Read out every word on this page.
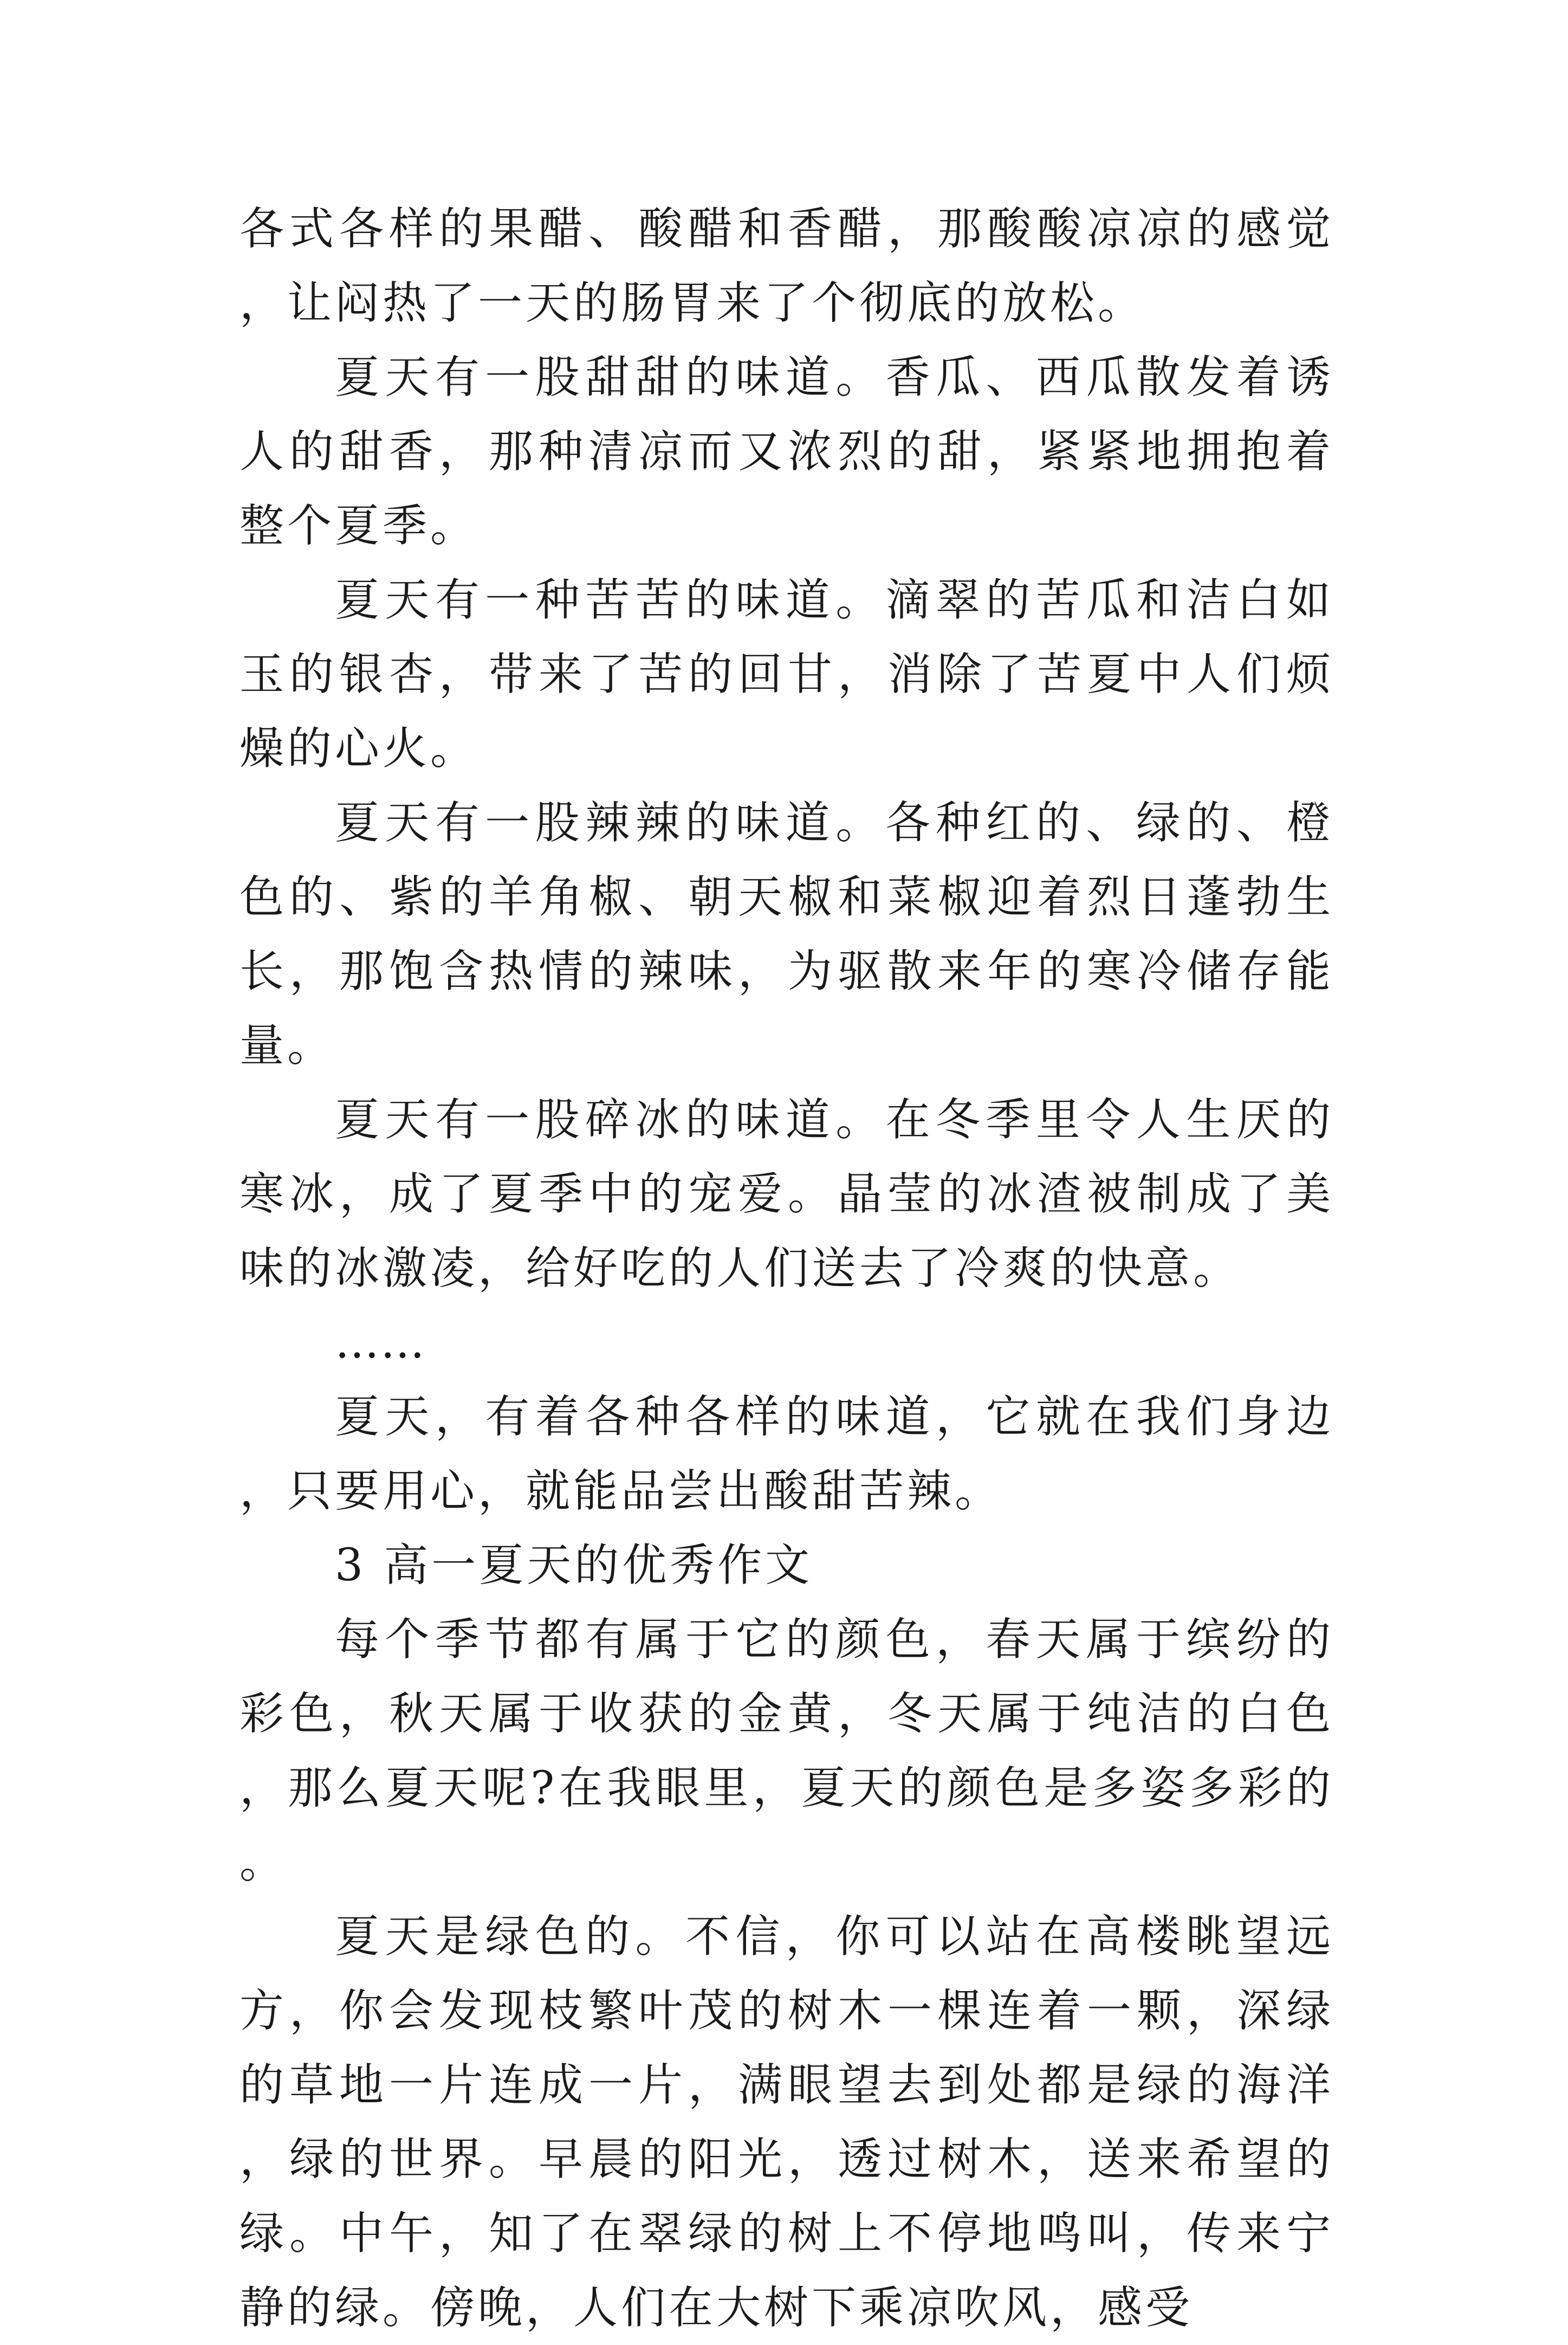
各式各样的果醋、酸醋和香醋，那酸酸凉凉的感觉，让闷热了一天的肠胃来了个彻底的放松。

夏天有一股甜甜的味道。香瓜、西瓜散发着诱人的甜香，那种清凉而又浓烈的甜，紧紧地拥抱着整个夏季。

夏天有一种苦苦的味道。滴翠的苦瓜和洁白如玉的银杏，带来了苦的回甘，消除了苦夏中人们烦燥的心火。

夏天有一股辣辣的味道。各种红的、绿的、橙色的、紫的羊角椒、朝天椒和菜椒迎着烈日蓬勃生长，那饱含热情的辣味，为驱散来年的寒冷储存能量。

夏天有一股碎冰的味道。在冬季里令人生厌的寒冰，成了夏季中的宠爱。晶莹的冰渣被制成了美味的冰激凌，给好吃的人们送去了冷爽的快意。

……

夏天，有着各种各样的味道，它就在我们身边，只要用心，就能品尝出酸甜苦辣。

3 高一夏天的优秀作文

每个季节都有属于它的颜色，春天属于缤纷的彩色，秋天属于收获的金黄，冬天属于纯洁的白色，那么夏天呢?在我眼里，夏天的颜色是多姿多彩的。

夏天是绿色的。不信，你可以站在高楼眺望远方，你会发现枝繁叶茂的树木一棵连着一颗，深绿的草地一片连成一片，满眼望去到处都是绿的海洋，绿的世界。早晨的阳光，透过树木，送来希望的绿。中午，知了在翠绿的树上不停地鸣叫，传来宁静的绿。傍晚，人们在大树下乘凉吹风，感受
